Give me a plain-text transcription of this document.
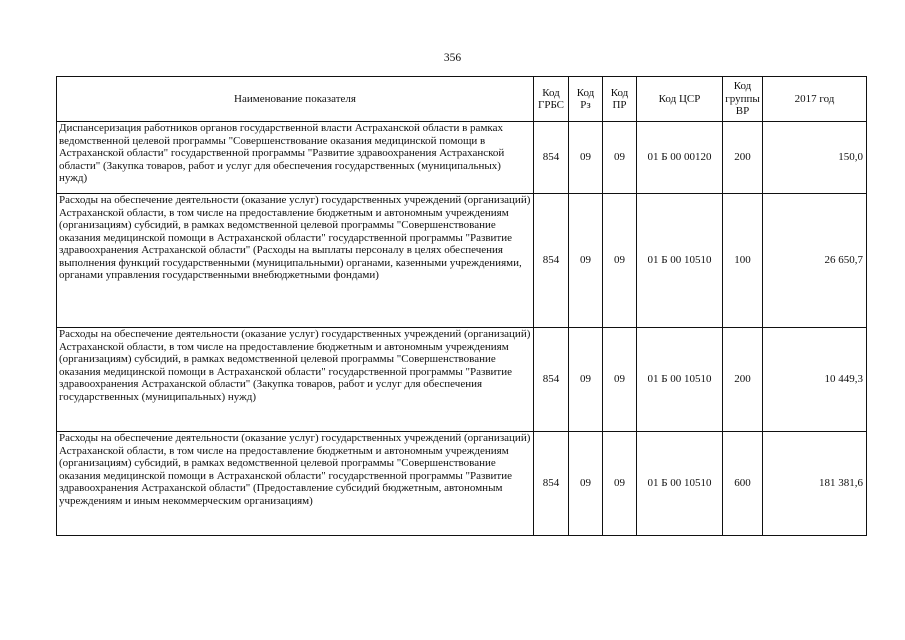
356
Наименование показателя	Код ГРБС	Код Рз	Код ПР	Код ЦСР	Код группы ВР	2017 год
Диспансеризация работников органов государственной власти Астраханской области в рамках ведомственной целевой программы "Совершенствование оказания медицинской помощи в Астраханской области" государственной программы "Развитие здравоохранения Астраханской области" (Закупка товаров, работ и услуг для обеспечения государственных (муниципальных) нужд)	854	09	09	01 Б 00 00120	200	150,0
Расходы на обеспечение деятельности (оказание услуг) государственных учреждений (организаций) Астраханской области, в том числе на предоставление бюджетным и автономным учреждениям (организациям) субсидий, в рамках ведомственной целевой программы "Совершенствование оказания медицинской помощи в Астраханской области" государственной программы "Развитие здравоохранения Астраханской области" (Расходы на выплаты персоналу в целях обеспечения выполнения функций государственными (муниципальными) органами, казенными учреждениями, органами управления государственными внебюджетными фондами)	854	09	09	01 Б 00 10510	100	26 650,7
Расходы на обеспечение деятельности (оказание услуг) государственных учреждений (организаций) Астраханской области, в том числе на предоставление бюджетным и автономным учреждениям (организациям) субсидий, в рамках ведомственной целевой программы "Совершенствование оказания медицинской помощи в Астраханской области" государственной программы "Развитие здравоохранения Астраханской области" (Закупка товаров, работ и услуг для обеспечения государственных (муниципальных) нужд)	854	09	09	01 Б 00 10510	200	10 449,3
Расходы на обеспечение деятельности (оказание услуг) государственных учреждений (организаций) Астраханской области, в том числе на предоставление бюджетным и автономным учреждениям (организациям) субсидий, в рамках ведомственной целевой программы "Совершенствование оказания медицинской помощи в Астраханской области" государственной программы "Развитие здравоохранения Астраханской области" (Предоставление субсидий бюджетным, автономным учреждениям и иным некоммерческим организациям)	854	09	09	01 Б 00 10510	600	181 381,6
